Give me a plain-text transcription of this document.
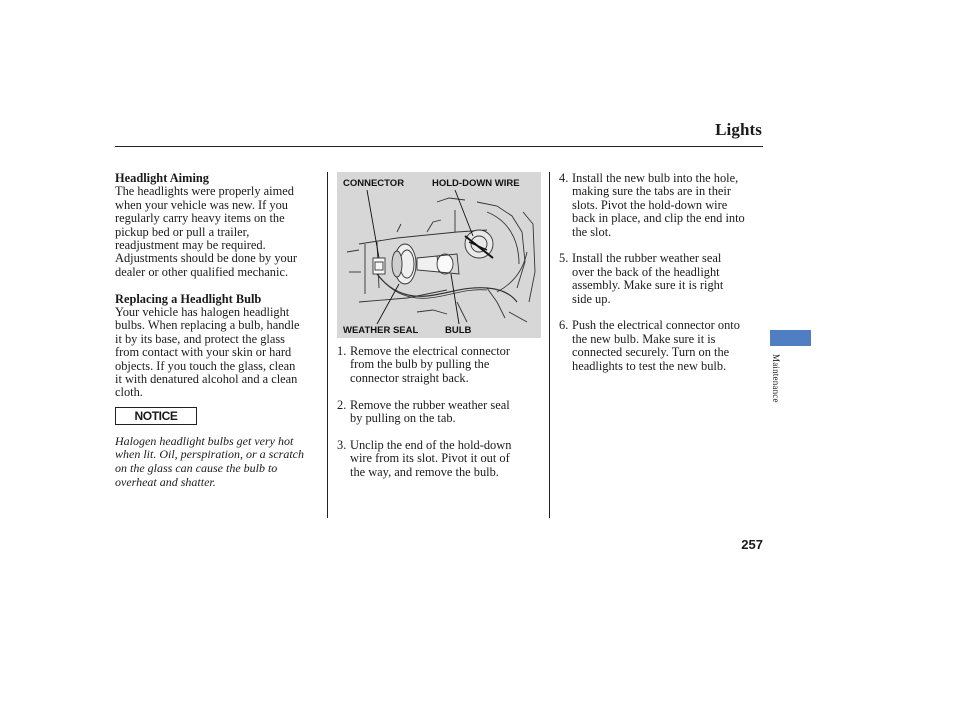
Lights
Headlight Aiming
The headlights were properly aimed
when your vehicle was new. If you
regularly carry heavy items on the
pickup bed or pull a trailer,
readjustment may be required.
Adjustments should be done by your
dealer or other qualified mechanic.
Replacing a Headlight Bulb
Your vehicle has halogen headlight
bulbs. When replacing a bulb, handle
it by its base, and protect the glass
from contact with your skin or hard
objects. If you touch the glass, clean
it with denatured alcohol and a clean
cloth.
NOTICE
Halogen headlight bulbs get very hot
when lit. Oil, perspiration, or a scratch
on the glass can cause the bulb to
overheat and shatter.
CONNECTOR	HOLD-DOWN WIRE
WEATHER SEAL	BULB
1. Remove the electrical connector
from the bulb by pulling the
connector straight back.
2. Remove the rubber weather seal
by pulling on the tab.
3. Unclip the end of the hold-down
wire from its slot. Pivot it out of
the way, and remove the bulb.
4. Install the new bulb into the hole,
making sure the tabs are in their
slots. Pivot the hold-down wire
back in place, and clip the end into
the slot.
5. Install the rubber weather seal
over the back of the headlight
assembly. Make sure it is right
side up.
6. Push the electrical connector onto
the new bulb. Make sure it is
connected securely. Turn on the
headlights to test the new bulb.	Maintenance
257
